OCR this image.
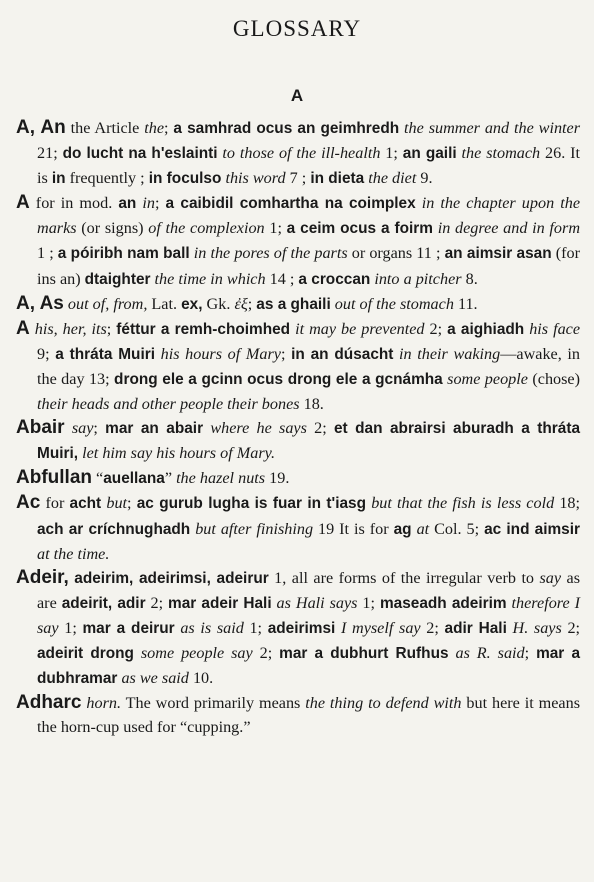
GLOSSARY
A

A, An the Article the; a samhrad ocus an geimhredh the summer and the winter 21; do lucht na h'eslainti to those of the ill-health 1; an gaili the stomach 26. It is in frequently ; in foculso this word 7 ; in dieta the diet 9.

A for in mod. an in; a caibidil comhartha na coimplex in the chapter upon the marks (or signs) of the complexion 1; a ceim ocus a foirm in degree and in form 1 ; a póiribh nam ball in the pores of the parts or organs 11 ; an aimsir asan (for ins an) dtaighter the time in which 14 ; a croccan into a pitcher 8.

A, As out of, from, Lat. ex, Gk. ἐξ; as a ghaili out of the stomach 11.

A his, her, its; féttur a remh-choimhed it may be prevented 2; a aighiadh his face 9; a thráta Muiri his hours of Mary; in an dúsacht in their waking—awake, in the day 13; drong ele a gcinn ocus drong ele a gcnámha some people (chose) their heads and other people their bones 18.

Abair say; mar an abair where he says 2; et dan abrairsi aburadh a thráta Muiri, let him say his hours of Mary.

Abfullan “auellana” the hazel nuts 19.

Ac for acht but; ac gurub lugha is fuar in t'iasg but that the fish is less cold 18; ach ar críchnughadh but after finishing 19 It is for ag at Col. 5; ac ind aimsir at the time.

Adeir, adeirim, adeirimsi, adeirur 1, all are forms of the irregular verb to say as are adeirit, adir 2; mar adeir Hali as Hali says 1; maseadh adeirim therefore I say 1; mar a deirur as is said 1; adeirimsi I myself say 2; adir Hali H. says 2; adeirit drong some people say 2; mar a dubhurt Rufhus as R. said; mar a dubhramar as we said 10.

Adharc horn. The word primarily means the thing to defend with but here it means the horn-cup used for “cupping.”
